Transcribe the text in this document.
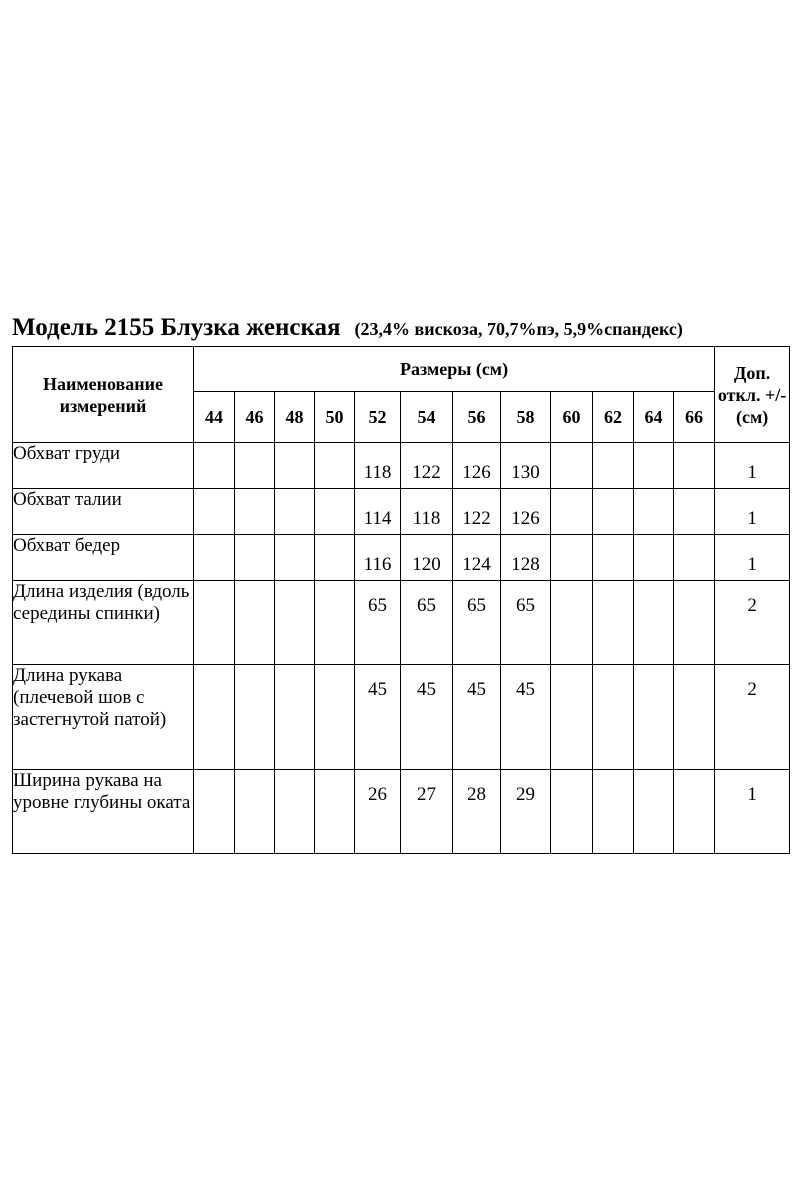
Модель 2155 Блузка женская (23,4% вискоза, 70,7%пэ, 5,9%спандекс)
Наименование измерений	Размеры (см)												Доп. откл. +/- (см)
	44	46	48	50	52	54	56	58	60	62	64	66	
Обхват груди					118	122	126	130					1
Обхват талии					114	118	122	126					1
Обхват бедер					116	120	124	128					1
Длина изделия (вдоль середины спинки)					65	65	65	65					2
Длина рукава (плечевой шов с застегнутой патой)					45	45	45	45					2
Ширина рукава на уровне глубины оката					26	27	28	29					1
